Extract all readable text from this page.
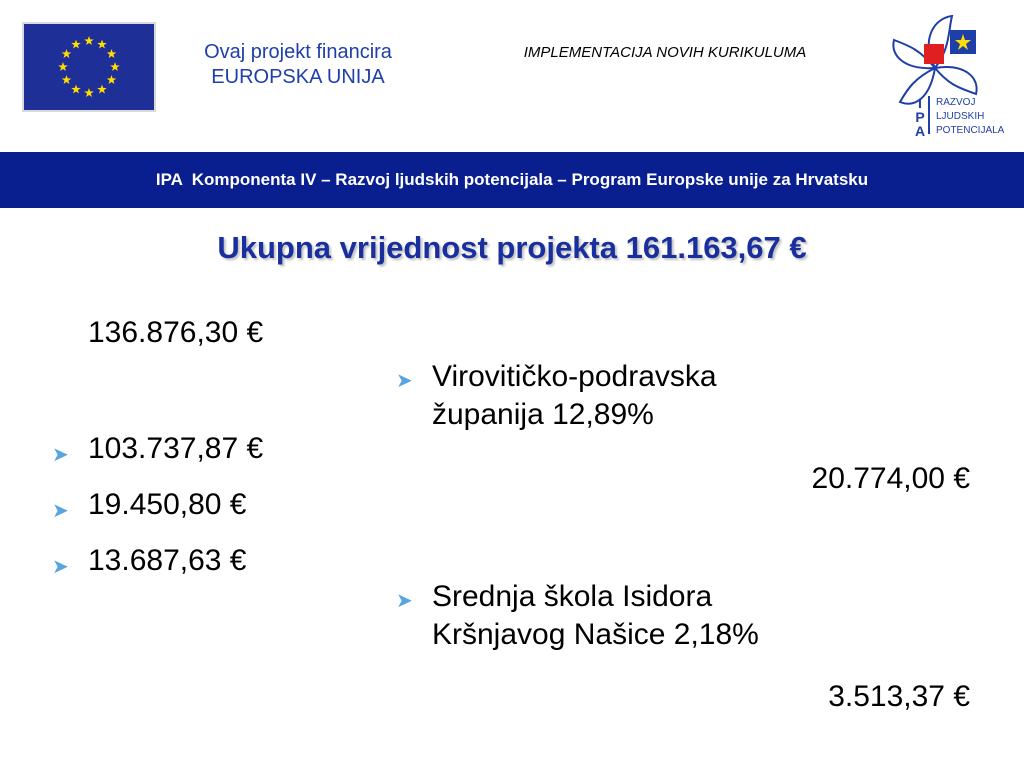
Ovaj projekt financira
EUROPSKA UNIJA
IMPLEMENTACIJA NOVIH KURIKULUMA
I
P
A
RAZVOJ
LJUDSKIH
POTENCIJALA
IPA  Komponenta IV – Razvoj ljudskih potencijala – Program Europske unije za Hrvatsku
Ukupna vrijednost projekta 161.163,67 €
136.876,30 €
➤ 103.737,87 €
➤ 19.450,80 €
➤ 13.687,63 €
➤ Virovitičko-podravska
županija 12,89%
20.774,00 €
➤ Srednja škola Isidora
Kršnjavog Našice 2,18%
3.513,37 €
